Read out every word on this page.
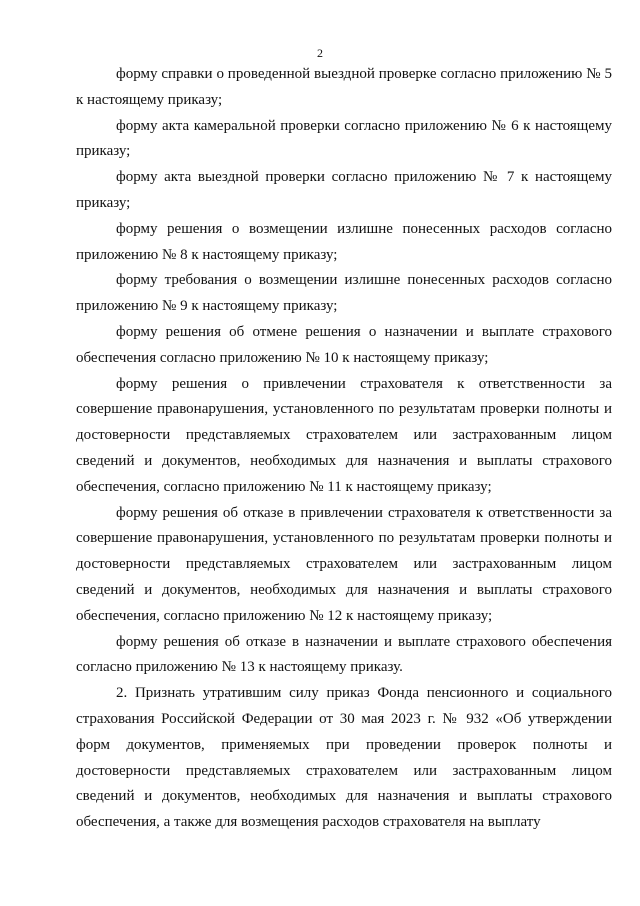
2

форму справки о проведенной выездной проверке согласно приложению № 5 к настоящему приказу;

форму акта камеральной проверки согласно приложению № 6 к настоящему приказу;

форму акта выездной проверки согласно приложению № 7 к настоящему приказу;

форму решения о возмещении излишне понесенных расходов согласно приложению № 8 к настоящему приказу;

форму требования о возмещении излишне понесенных расходов согласно приложению № 9 к настоящему приказу;

форму решения об отмене решения о назначении и выплате страхового обеспечения согласно приложению № 10 к настоящему приказу;

форму решения о привлечении страхователя к ответственности за совершение правонарушения, установленного по результатам проверки полноты и достоверности представляемых страхователем или застрахованным лицом сведений и документов, необходимых для назначения и выплаты страхового обеспечения, согласно приложению № 11 к настоящему приказу;

форму решения об отказе в привлечении страхователя к ответственности за совершение правонарушения, установленного по результатам проверки полноты и достоверности представляемых страхователем или застрахованным лицом сведений и документов, необходимых для назначения и выплаты страхового обеспечения, согласно приложению № 12 к настоящему приказу;

форму решения об отказе в назначении и выплате страхового обеспечения согласно приложению № 13 к настоящему приказу.

2. Признать утратившим силу приказ Фонда пенсионного и социального страхования Российской Федерации от 30 мая 2023 г. № 932 «Об утверждении форм документов, применяемых при проведении проверок полноты и достоверности представляемых страхователем или застрахованным лицом сведений и документов, необходимых для назначения и выплаты страхового обеспечения, а также для возмещения расходов страхователя на выплату
